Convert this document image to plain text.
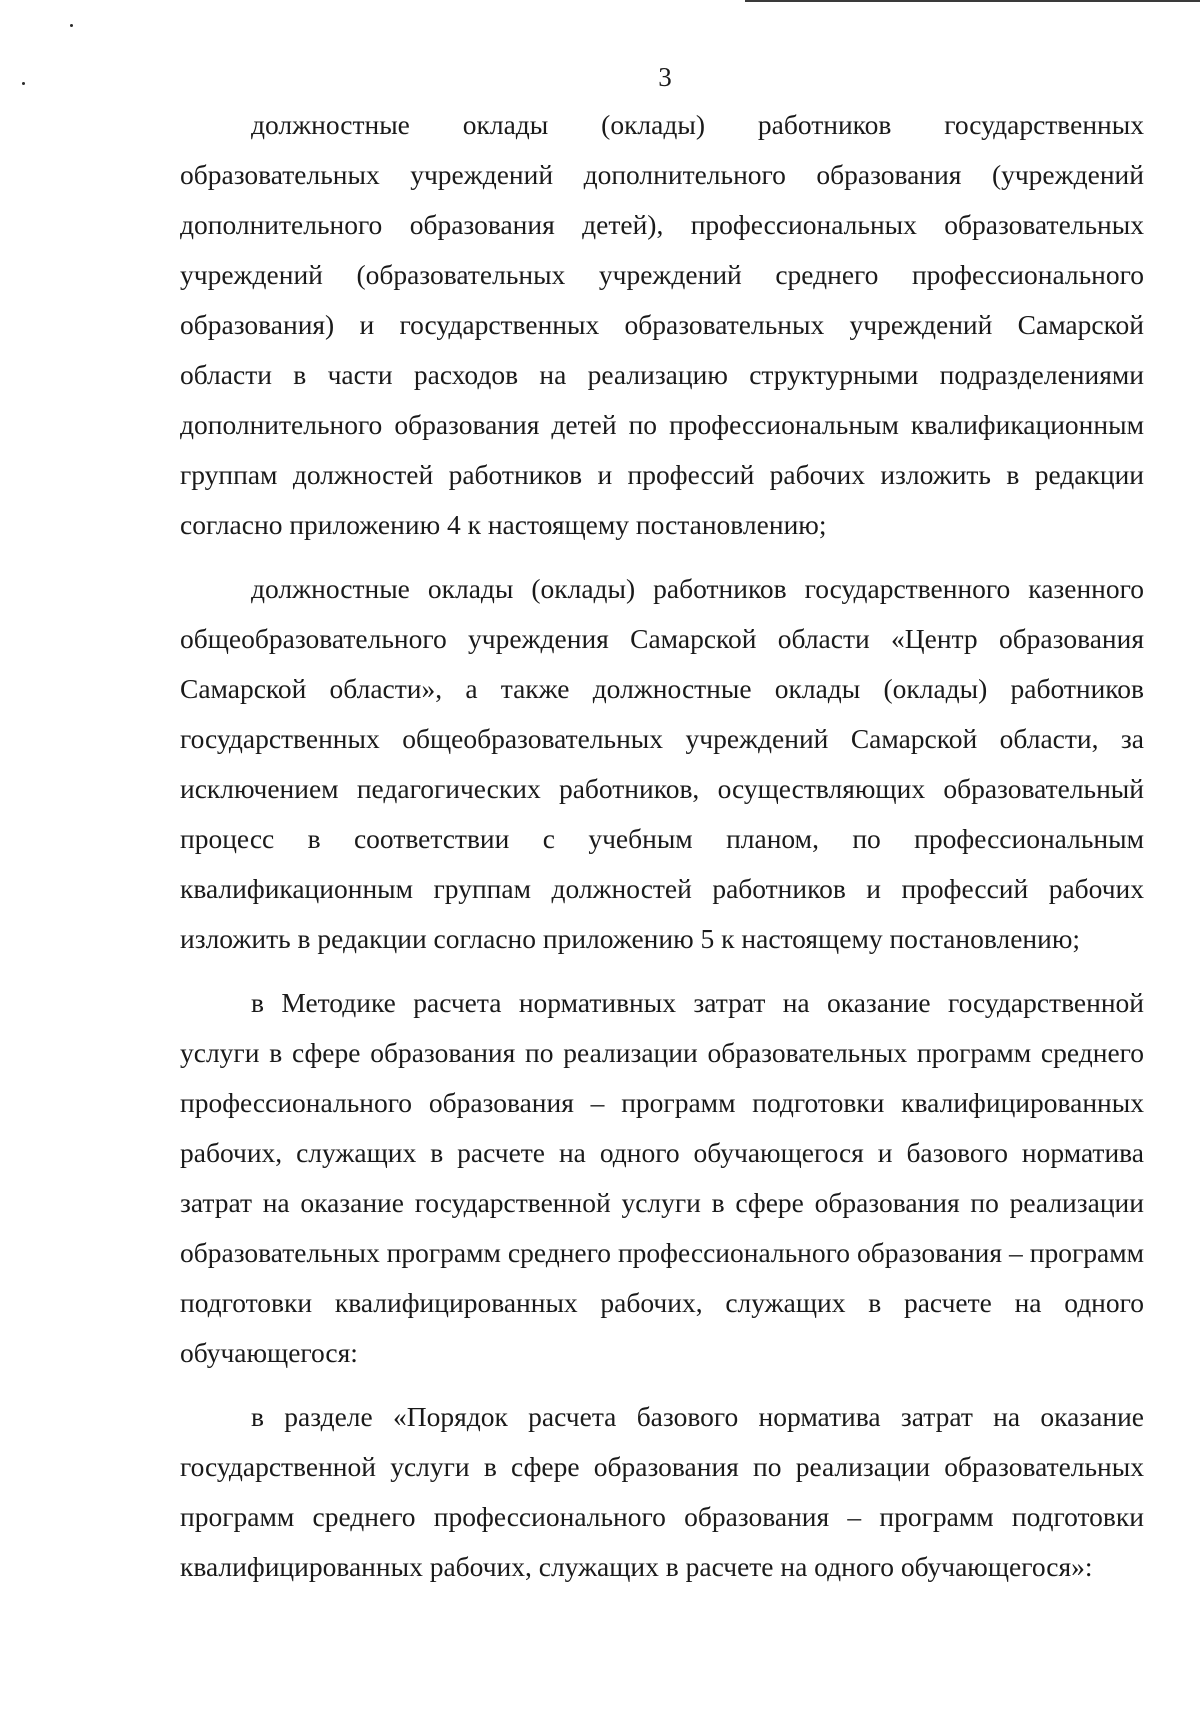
3

должностные оклады (оклады) работников государственных образовательных учреждений дополнительного образования (учреждений дополнительного образования детей), профессиональных образовательных учреждений (образовательных учреждений среднего профессионального образования) и государственных образовательных учреждений Самарской области в части расходов на реализацию структурными подразделениями дополнительного образования детей по профессиональным квалификационным группам должностей работников и профессий рабочих изложить в редакции согласно приложению 4 к настоящему постановлению;

должностные оклады (оклады) работников государственного казенного общеобразовательного учреждения Самарской области «Центр образования Самарской области», а также должностные оклады (оклады) работников государственных общеобразовательных учреждений Самарской области, за исключением педагогических работников, осуществляющих образовательный процесс в соответствии с учебным планом, по профессиональным квалификационным группам должностей работников и профессий рабочих изложить в редакции согласно приложению 5 к настоящему постановлению;

в Методике расчета нормативных затрат на оказание государственной услуги в сфере образования по реализации образовательных программ среднего профессионального образования – программ подготовки квалифицированных рабочих, служащих в расчете на одного обучающегося и базового норматива затрат на оказание государственной услуги в сфере образования по реализации образовательных программ среднего профессионального образования – программ подготовки квалифицированных рабочих, служащих в расчете на одного обучающегося:

в разделе «Порядок расчета базового норматива затрат на оказание государственной услуги в сфере образования по реализации образовательных программ среднего профессионального образования – программ подготовки квалифицированных рабочих, служащих в расчете на одного обучающегося»:
